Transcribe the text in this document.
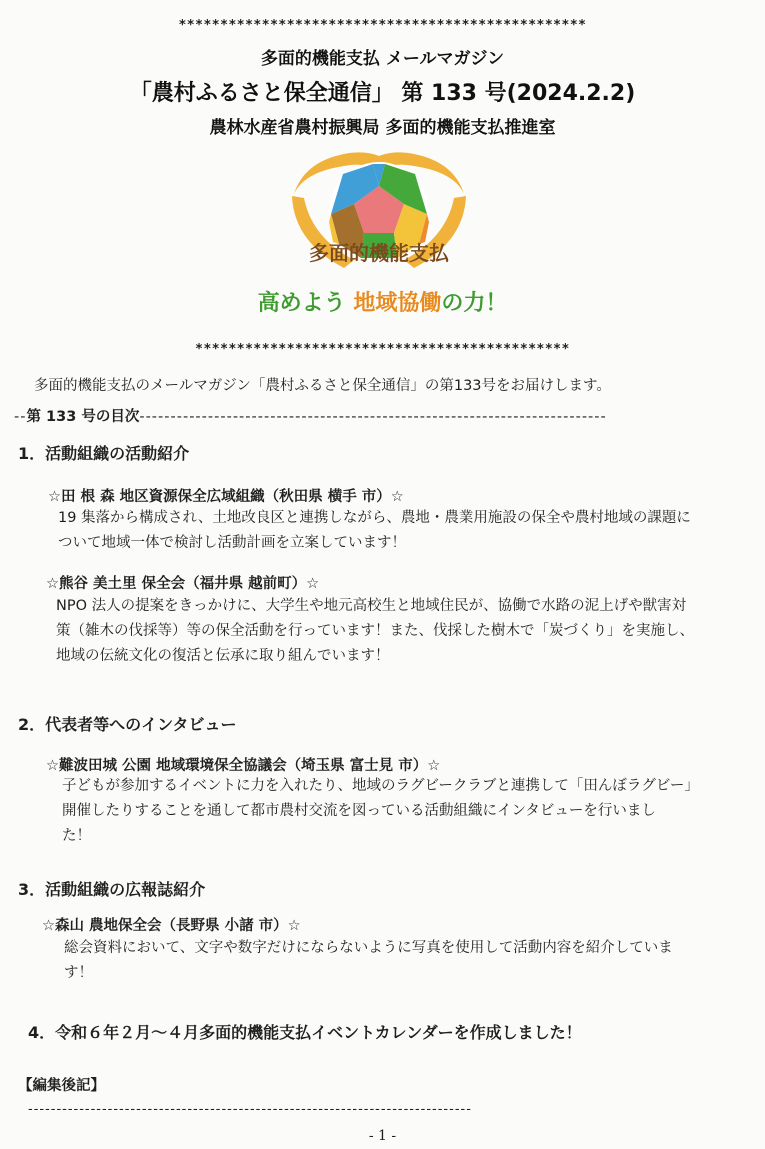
*************************************************
多面的機能支払 メールマガジン
「農村ふるさと保全通信」 第 133 号(2024.2.2)
農林水産省農村振興局 多面的機能支払推進室
多面的機能支払
高めよう 地域協働の力！
*********************************************
多面的機能支払のメールマガジン「農村ふるさと保全通信」の第133号をお届けします。
--第 133 号の目次---------------------------------------------------------------------------
1．活動組織の活動紹介
☆田 根 森 地区資源保全広域組織（秋田県 横手 市）☆
19 集落から構成され、土地改良区と連携しながら、農地・農業用施設の保全や農村地域の課題に
ついて地域一体で検討し活動計画を立案しています！
☆熊谷 美土里 保全会（福井県 越前町）☆
NPO 法人の提案をきっかけに、大学生や地元高校生と地域住民が、協働で水路の泥上げや獣害対
策（雑木の伐採等）等の保全活動を行っています！また、伐採した樹木で「炭づくり」を実施し、
地域の伝統文化の復活と伝承に取り組んでいます！
2．代表者等へのインタビュー
☆難波田城 公園 地域環境保全協議会（埼玉県 富士見 市）☆
子どもが参加するイベントに力を入れたり、地域のラグビークラブと連携して「田んぼラグビー」
開催したりすることを通して都市農村交流を図っている活動組織にインタビューを行いまし
た！
3．活動組織の広報誌紹介
☆森山 農地保全会（長野県 小諸 市）☆
総会資料において、文字や数字だけにならないように写真を使用して活動内容を紹介していま
す！
4．令和６年２月～４月多面的機能支払イベントカレンダーを作成しました！
【編集後記】
------------------------------------------------------------------------------
- 1 -
